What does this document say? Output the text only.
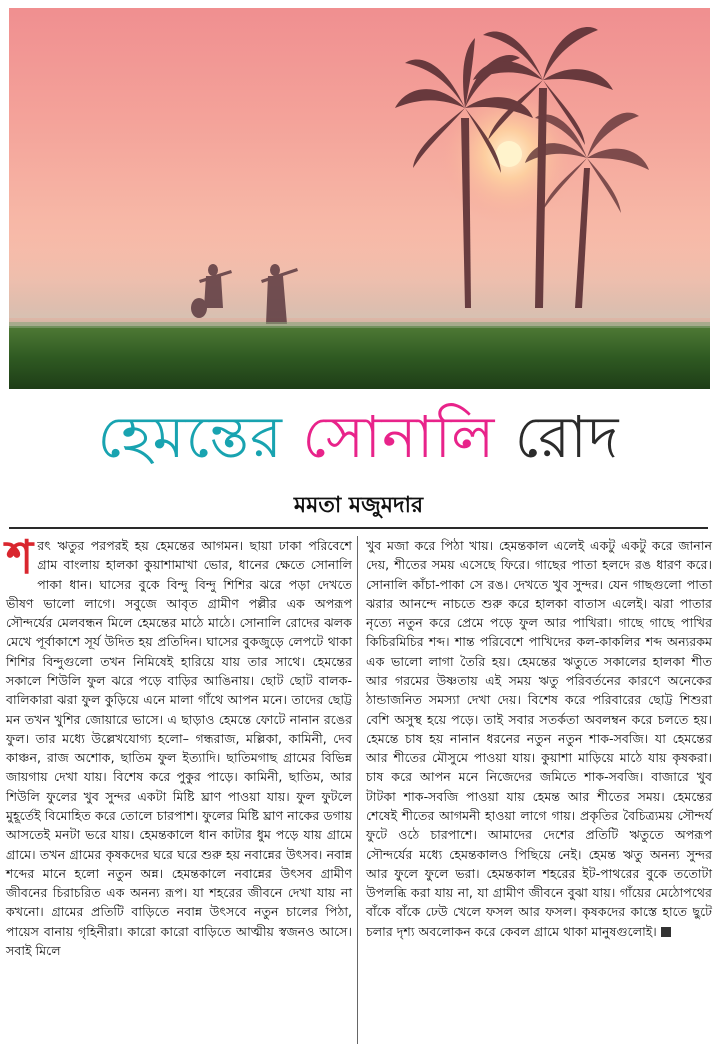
হেমন্তের সোনালি রোদ
মমতা মজুমদার

শরৎ ঋতুর পরপরই হয় হেমন্তের আগমন। ছায়া ঢাকা পরিবেশে গ্রাম বাংলায় হালকা কুয়াশামাখা ভোর, ধানের ক্ষেতে সোনালি পাকা ধান। ঘাসের বুকে বিন্দু বিন্দু শিশির ঝরে পড়া দেখতে ভীষণ ভালো লাগে। সবুজে আবৃত গ্রামীণ পল্লীর এক অপরূপ সৌন্দর্যের মেলবন্ধন মিলে হেমন্তের মাঠে মাঠে। সোনালি রোদের ঝলক মেখে পূর্বাকাশে সূর্য উদিত হয় প্রতিদিন। ঘাসের বুকজুড়ে লেপটে থাকা শিশির বিন্দুগুলো তখন নিমিষেই হারিয়ে যায় তার সাথে। হেমন্তের সকালে শিউলি ফুল ঝরে পড়ে বাড়ির আঙিনায়। ছোট ছোট বালক-বালিকারা ঝরা ফুল কুড়িয়ে এনে মালা গাঁথে আপন মনে। তাদের ছোট্ট মন তখন খুশির জোয়ারে ভাসে। এ ছাড়াও হেমন্তে ফোটে নানান রঙের ফুল। তার মধ্যে উল্লেখযোগ্য হলো– গন্ধরাজ, মল্লিকা, কামিনী, দেব কাঞ্চন, রাজ অশোক, ছাতিম ফুল ইত্যাদি। ছাতিমগাছ গ্রামের বিভিন্ন জায়গায় দেখা যায়। বিশেষ করে পুকুর পাড়ে। কামিনী, ছাতিম, আর শিউলি ফুলের খুব সুন্দর একটা মিষ্টি ঘ্রাণ পাওয়া যায়। ফুল ফুটলে মুহূর্তেই বিমোহিত করে তোলে চারপাশ। ফুলের মিষ্টি ঘ্রাণ নাকের ডগায় আসতেই মনটা ভরে যায়। হেমন্তকালে ধান কাটার ধুম পড়ে যায় গ্রামে গ্রামে। তখন গ্রামের কৃষকদের ঘরে ঘরে শুরু হয় নবান্নের উৎসব। নবান্ন শব্দের মানে হলো নতুন অন্ন। হেমন্তকালে নবান্নের উৎসব গ্রামীণ জীবনের চিরাচরিত এক অনন্য রূপ। যা শহরের জীবনে দেখা যায় না কখনো। গ্রামের প্রতিটি বাড়িতে নবান্ন উৎসবে নতুন চালের পিঠা, পায়েস বানায় গৃহিনীরা। কারো কারো বাড়িতে আত্মীয় স্বজনও আসে। সবাই মিলে

খুব মজা করে পিঠা খায়। হেমন্তকাল এলেই একটু একটু করে জানান দেয়, শীতের সময় এসেছে ফিরে। গাছের পাতা হলদে রঙ ধারণ করে। সোনালি কাঁচা-পাকা সে রঙ। দেখতে খুব সুন্দর। যেন গাছগুলো পাতা ঝরার আনন্দে নাচতে শুরু করে হালকা বাতাস এলেই। ঝরা পাতার নৃত্যে নতুন করে প্রেমে পড়ে ফুল আর পাখিরা। গাছে গাছে পাখির কিচিরমিচির শব্দ। শান্ত পরিবেশে পাখিদের কল-কাকলির শব্দ অন্যরকম এক ভালো লাগা তৈরি হয়। হেমন্তের ঋতুতে সকালের হালকা শীত আর গরমের উষ্ণতায় এই সময় ঋতু পরিবর্তনের কারণে অনেকের ঠান্ডাজনিত সমস্যা দেখা দেয়। বিশেষ করে পরিবারের ছোট্ট শিশুরা বেশি অসুস্থ হয়ে পড়ে। তাই সবার সতর্কতা অবলম্বন করে চলতে হয়। হেমন্তে চাষ হয় নানান ধরনের নতুন নতুন শাক-সবজি। যা হেমন্তের আর শীতের মৌসুমে পাওয়া যায়। কুয়াশা মাড়িয়ে মাঠে যায় কৃষকরা। চাষ করে আপন মনে নিজেদের জমিতে শাক-সবজি। বাজারে খুব টাটকা শাক-সবজি পাওয়া যায় হেমন্ত আর শীতের সময়। হেমন্তের শেষেই শীতের আগমনী হাওয়া লাগে গায়। প্রকৃতির বৈচিত্র্যময় সৌন্দর্য ফুটে ওঠে চারপাশে। আমাদের দেশের প্রতিটি ঋতুতে অপরূপ সৌন্দর্যের মধ্যে হেমন্তকালও পিছিয়ে নেই। হেমন্ত ঋতু অনন্য সুন্দর আর ফুলে ফুলে ভরা। হেমন্তকাল শহরের ইট-পাথরের বুকে ততোটা উপলব্ধি করা যায় না, যা গ্রামীণ জীবনে বুঝা যায়। গাঁয়ের মেঠোপথের বাঁকে বাঁকে ঢেউ খেলে ফসল আর ফসল। কৃষকদের কাস্তে হাতে ছুটে চলার দৃশ্য অবলোকন করে কেবল গ্রামে থাকা মানুষগুলোই।
